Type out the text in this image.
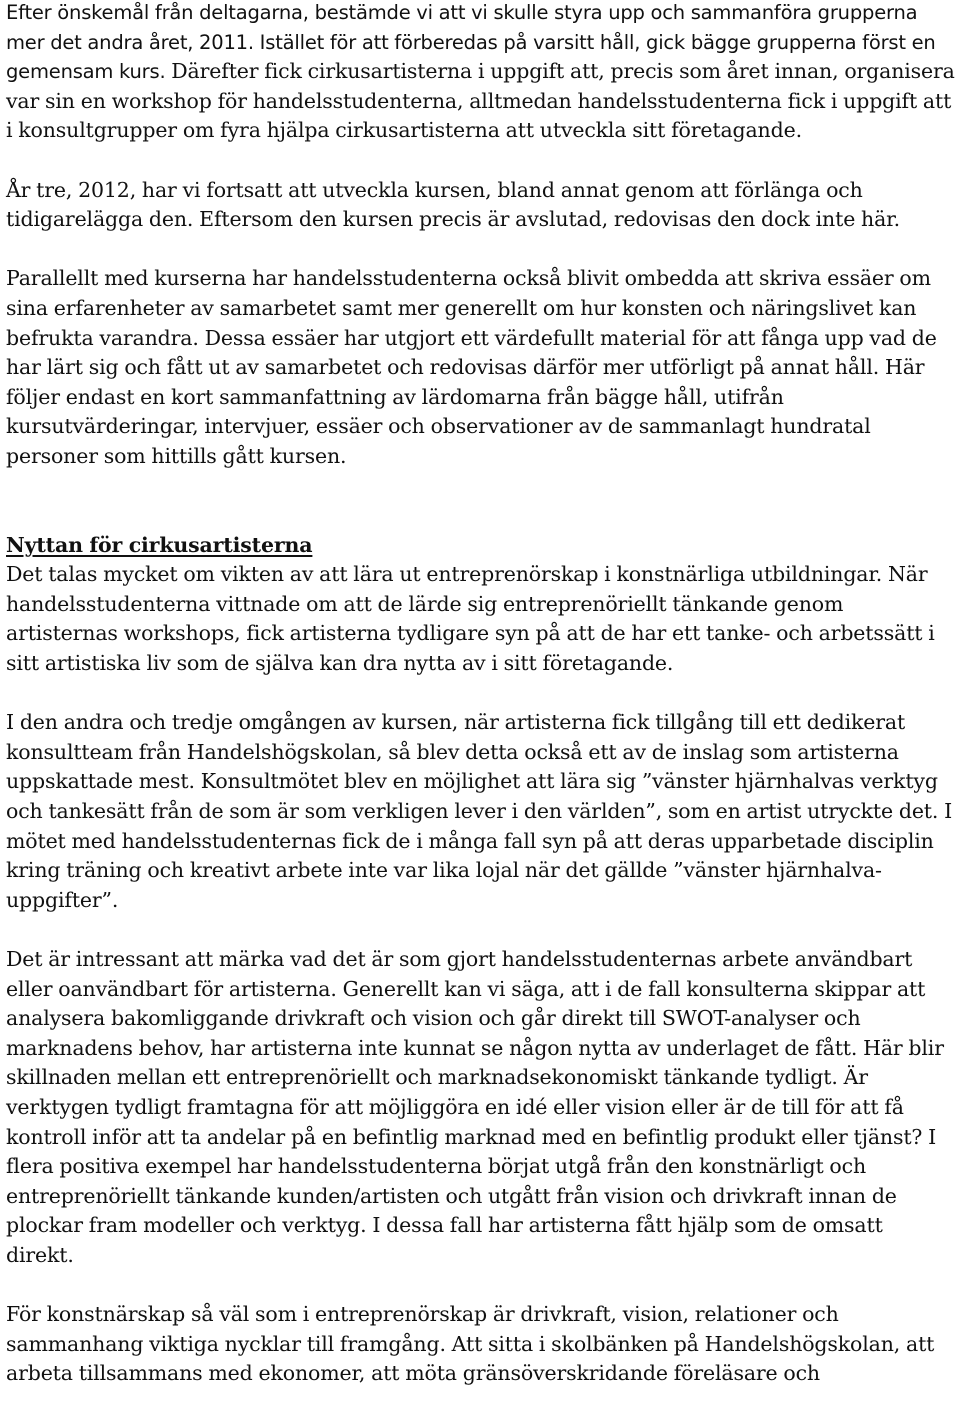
Efter önskemål från deltagarna, bestämde vi att vi skulle styra upp och sammanföra grupperna mer det andra året, 2011. Istället för att förberedas på varsitt håll, gick bägge grupperna först en gemensam kurs. Därefter fick cirkusartisterna i uppgift att, precis som året innan, organisera var sin en workshop för handelsstudenterna, alltmedan handelsstudenterna fick i uppgift att i konsultgrupper om fyra hjälpa cirkusartisterna att utveckla sitt företagande.

År tre, 2012, har vi fortsatt att utveckla kursen, bland annat genom att förlänga och tidigarelägga den. Eftersom den kursen precis är avslutad, redovisas den dock inte här.

Parallellt med kurserna har handelsstudenterna också blivit ombedda att skriva essäer om sina erfarenheter av samarbetet samt mer generellt om hur konsten och näringslivet kan befrukta varandra. Dessa essäer har utgjort ett värdefullt material för att fånga upp vad de har lärt sig och fått ut av samarbetet och redovisas därför mer utförligt på annat håll. Här följer endast en kort sammanfattning av lärdomarna från bägge håll, utifrån kursutvärderingar, intervjuer, essäer och observationer av de sammanlagt hundratal personer som hittills gått kursen.

Nyttan för cirkusartisterna

Det talas mycket om vikten av att lära ut entreprenörskap i konstnärliga utbildningar. När handelsstudenterna vittnade om att de lärde sig entreprenöriellt tänkande genom artisternas workshops, fick artisterna tydligare syn på att de har ett tanke- och arbetssätt i sitt artistiska liv som de själva kan dra nytta av i sitt företagande.

I den andra och tredje omgången av kursen, när artisterna fick tillgång till ett dedikerat konsultteam från Handelshögskolan, så blev detta också ett av de inslag som artisterna uppskattade mest. Konsultmötet blev en möjlighet att lära sig ”vänster hjärnhalvas verktyg och tankesätt från de som är som verkligen lever i den världen”, som en artist utryckte det. I mötet med handelsstudenternas fick de i många fall syn på att deras upparbetade disciplin kring träning och kreativt arbete inte var lika lojal när det gällde ”vänster hjärnhalva-uppgifter”.

Det är intressant att märka vad det är som gjort handelsstudenternas arbete användbart eller oanvändbart för artisterna. Generellt kan vi säga, att i de fall konsulterna skippar att analysera bakomliggande drivkraft och vision och går direkt till SWOT-analyser och marknadens behov, har artisterna inte kunnat se någon nytta av underlaget de fått. Här blir skillnaden mellan ett entreprenöriellt och marknadsekonomiskt tänkande tydligt. Är verktygen tydligt framtagna för att möjliggöra en idé eller vision eller är de till för att få kontroll inför att ta andelar på en befintlig marknad med en befintlig produkt eller tjänst? I flera positiva exempel har handelsstudenterna börjat utgå från den konstnärligt och entreprenöriellt tänkande kunden/artisten och utgått från vision och drivkraft innan de plockar fram modeller och verktyg. I dessa fall har artisterna fått hjälp som de omsatt direkt.

För konstnärskap så väl som i entreprenörskap är drivkraft, vision, relationer och sammanhang viktiga nycklar till framgång. Att sitta i skolbänken på Handelshögskolan, att arbeta tillsammans med ekonomer, att möta gränsöverskridande föreläsare och
